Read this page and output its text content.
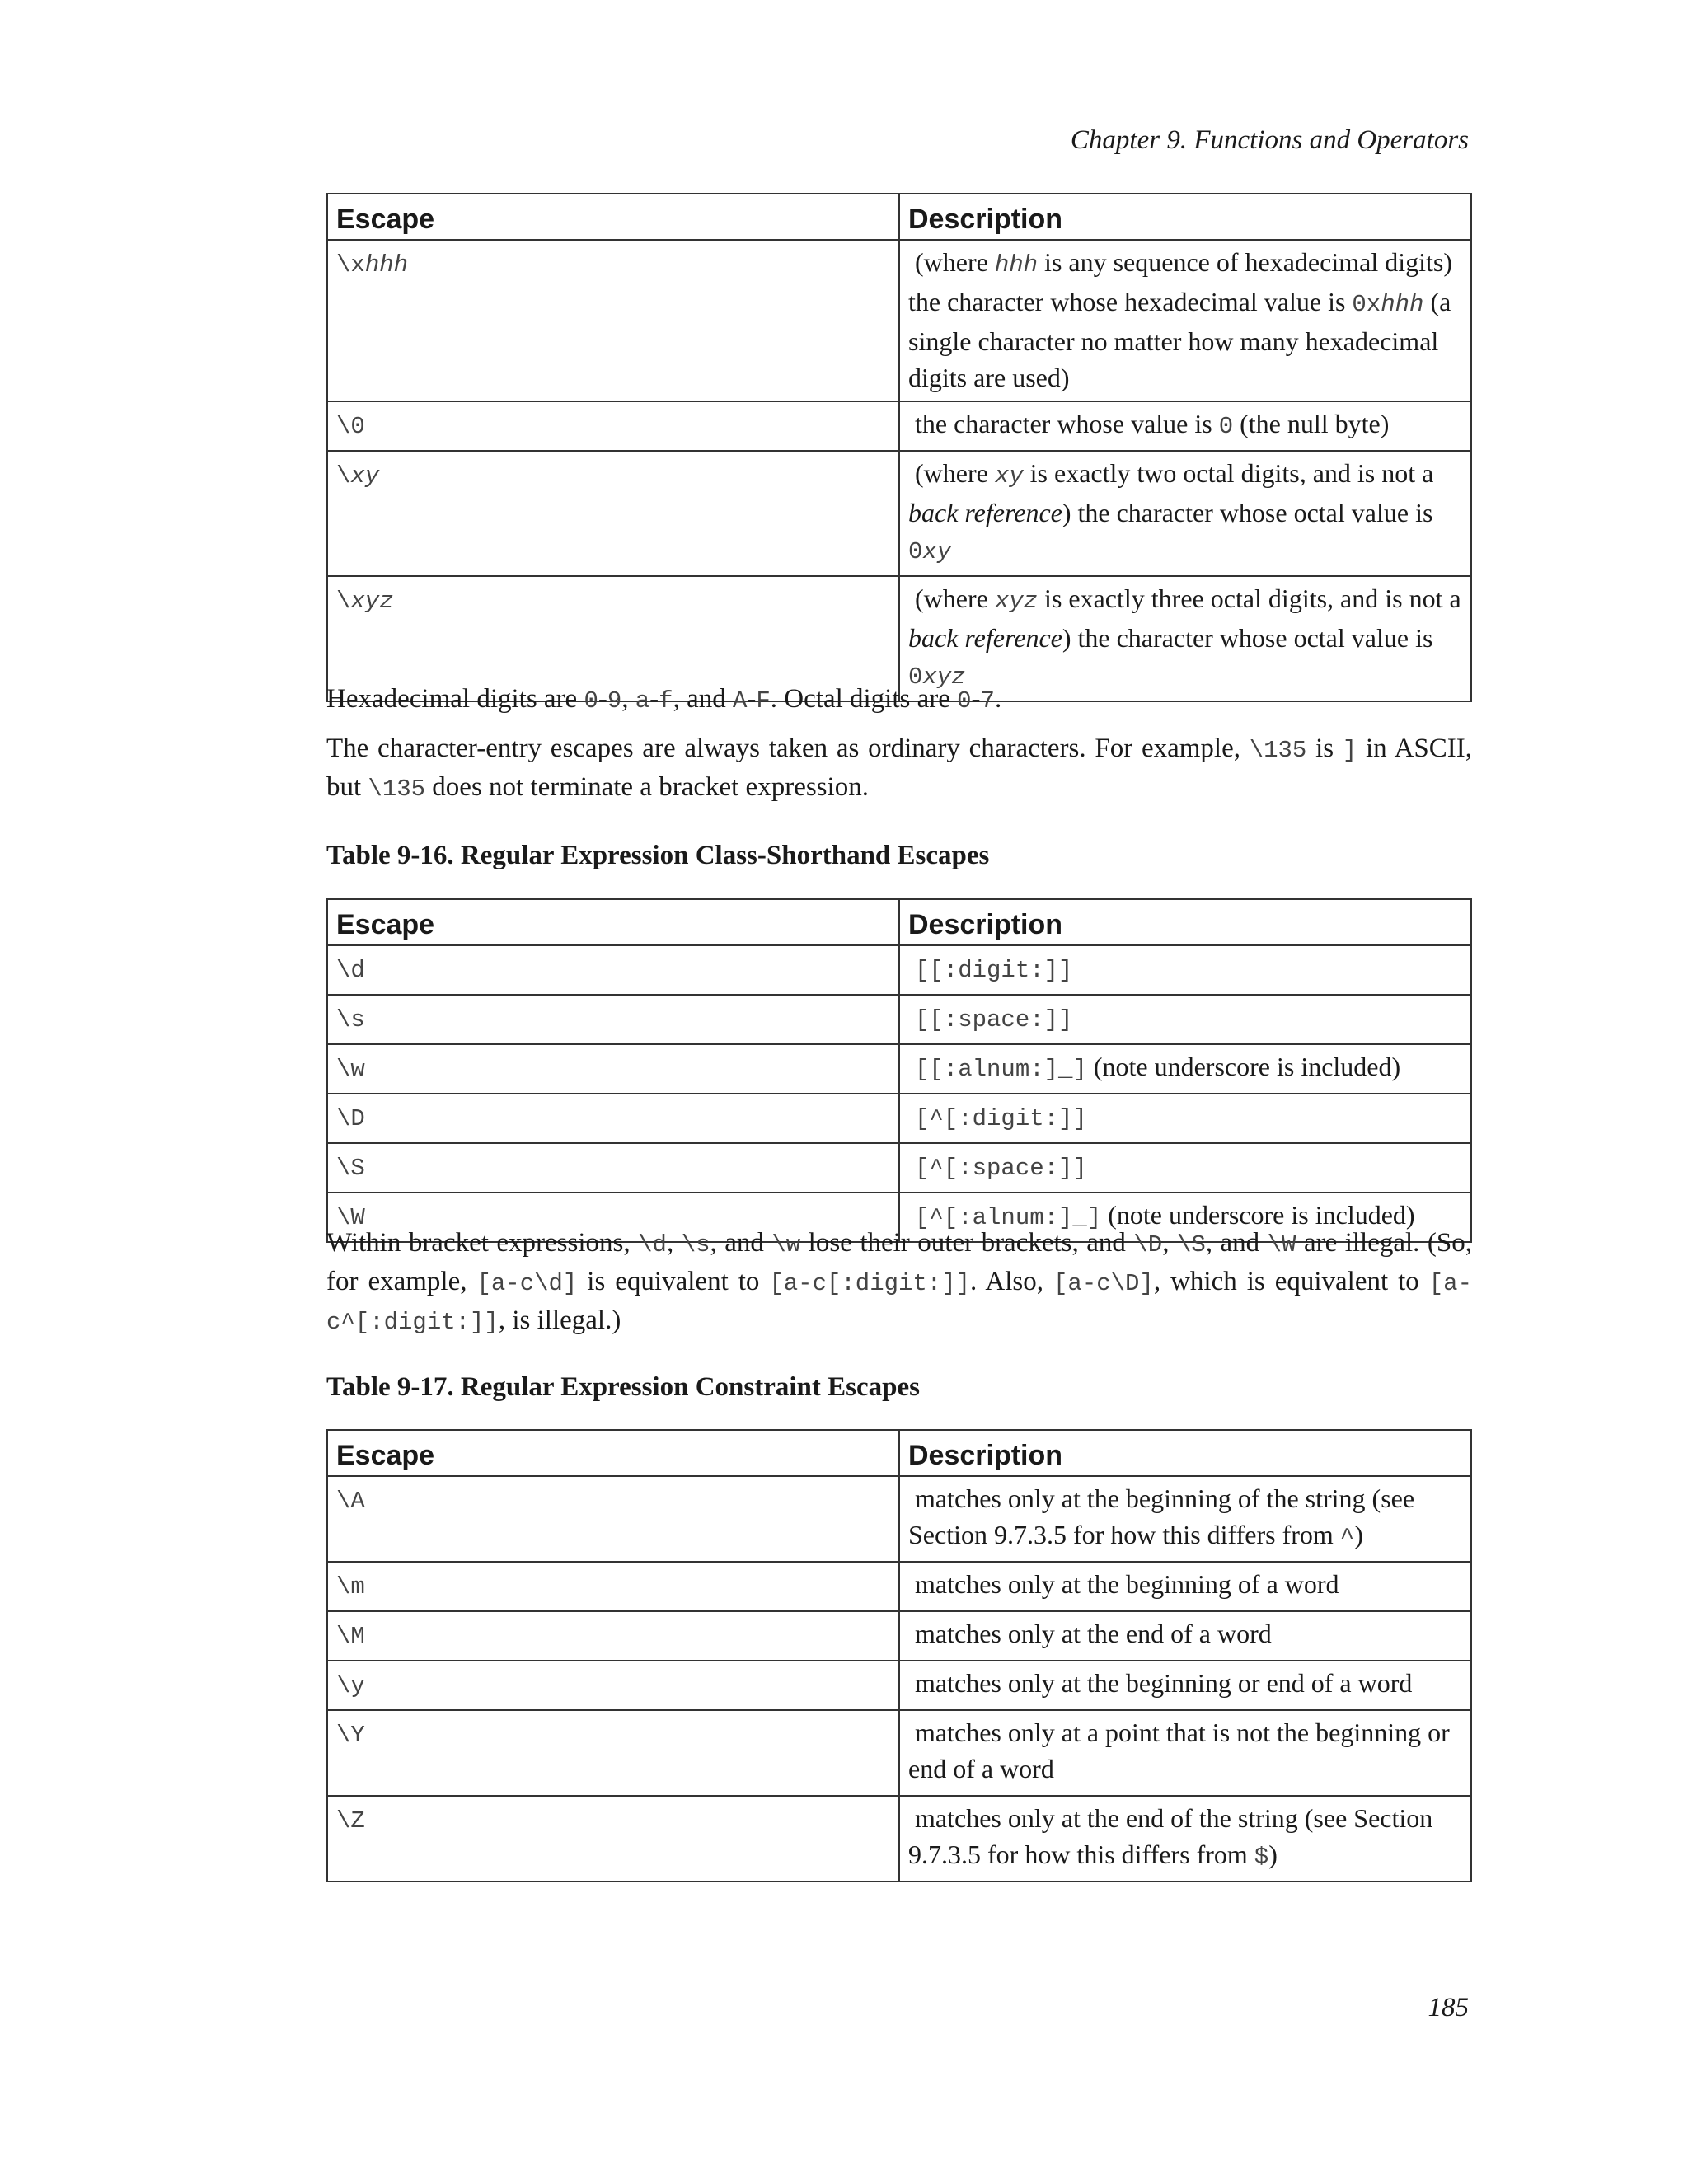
Chapter 9. Functions and Operators
Escape	Description
\xhhh	(where hhh is any sequence of hexadecimal digits) the character whose hexadecimal value is 0xhhh (a single character no matter how many hexadecimal digits are used)
\0	the character whose value is 0 (the null byte)
\xy	(where xy is exactly two octal digits, and is not a back reference) the character whose octal value is 0xy
\xyz	(where xyz is exactly three octal digits, and is not a back reference) the character whose octal value is 0xyz
Hexadecimal digits are 0-9, a-f, and A-F. Octal digits are 0-7.
The character-entry escapes are always taken as ordinary characters. For example, \135 is ] in ASCII, but \135 does not terminate a bracket expression.
Table 9-16. Regular Expression Class-Shorthand Escapes
Escape	Description
\d	[[:digit:]]
\s	[[:space:]]
\w	[[:alnum:]_] (note underscore is included)
\D	[^[:digit:]]
\S	[^[:space:]]
\W	[^[:alnum:]_] (note underscore is included)
Within bracket expressions, \d, \s, and \w lose their outer brackets, and \D, \S, and \W are illegal. (So, for example, [a-c\d] is equivalent to [a-c[:digit:]]. Also, [a-c\D], which is equivalent to [a-c^[:digit:]], is illegal.)
Table 9-17. Regular Expression Constraint Escapes
Escape	Description
\A	matches only at the beginning of the string (see Section 9.7.3.5 for how this differs from ^)
\m	matches only at the beginning of a word
\M	matches only at the end of a word
\y	matches only at the beginning or end of a word
\Y	matches only at a point that is not the beginning or end of a word
\Z	matches only at the end of the string (see Section 9.7.3.5 for how this differs from $)
185
